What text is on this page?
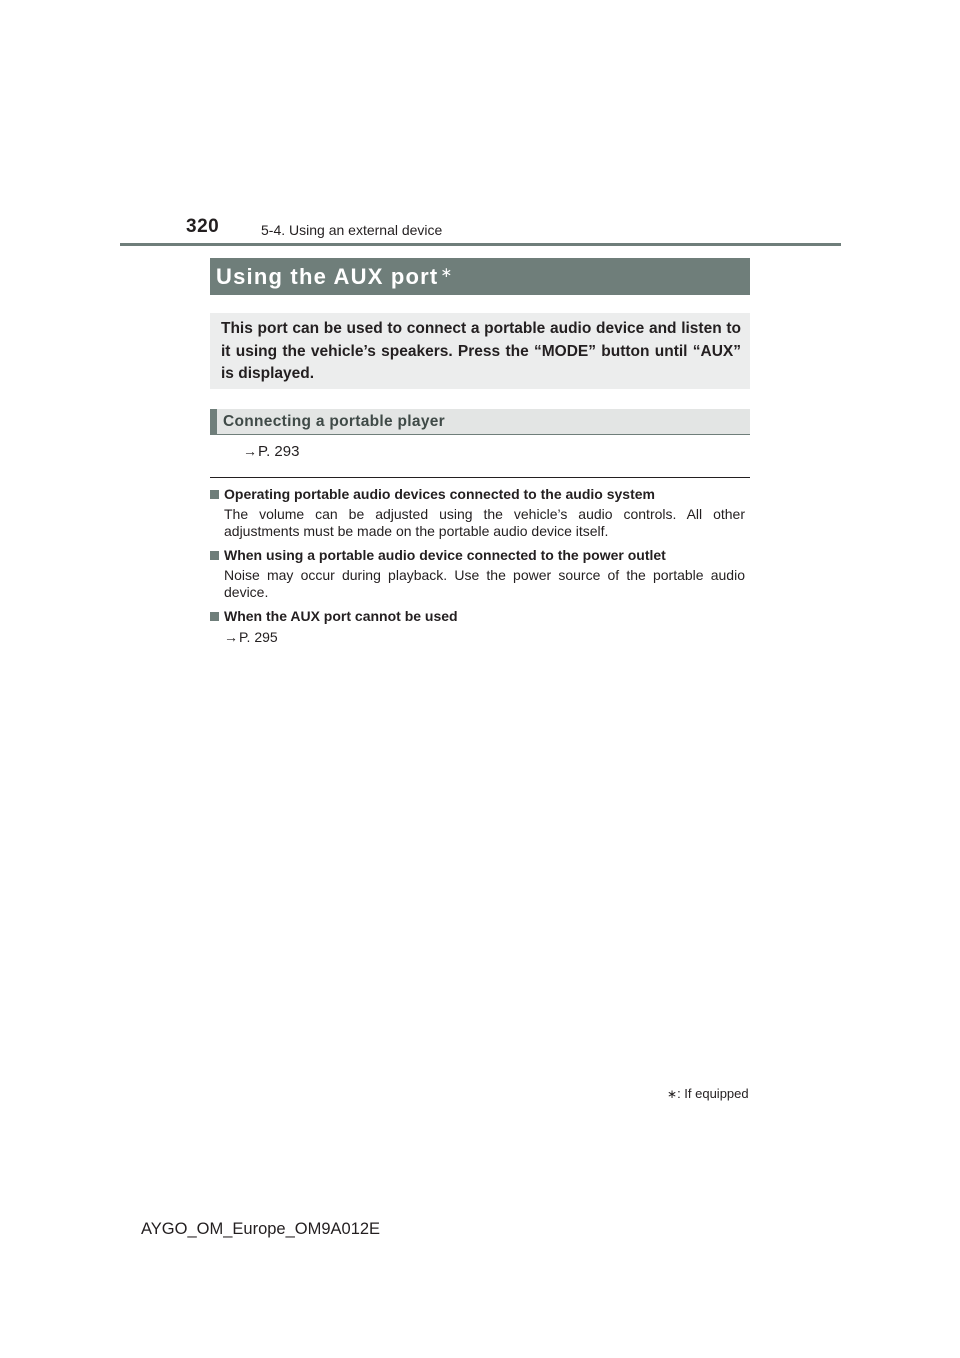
320	5-4. Using an external device
Using the AUX port ∗
This port can be used to connect a portable audio device and listen to it using the vehicle’s speakers. Press the “MODE” button until “AUX” is displayed.
Connecting a portable player
→P. 293
Operating portable audio devices connected to the audio system
The volume can be adjusted using the vehicle’s audio controls. All other adjustments must be made on the portable audio device itself.
When using a portable audio device connected to the power outlet
Noise may occur during playback. Use the power source of the portable audio device.
When the AUX port cannot be used
→P. 295
∗: If equipped
AYGO_OM_Europe_OM9A012E
